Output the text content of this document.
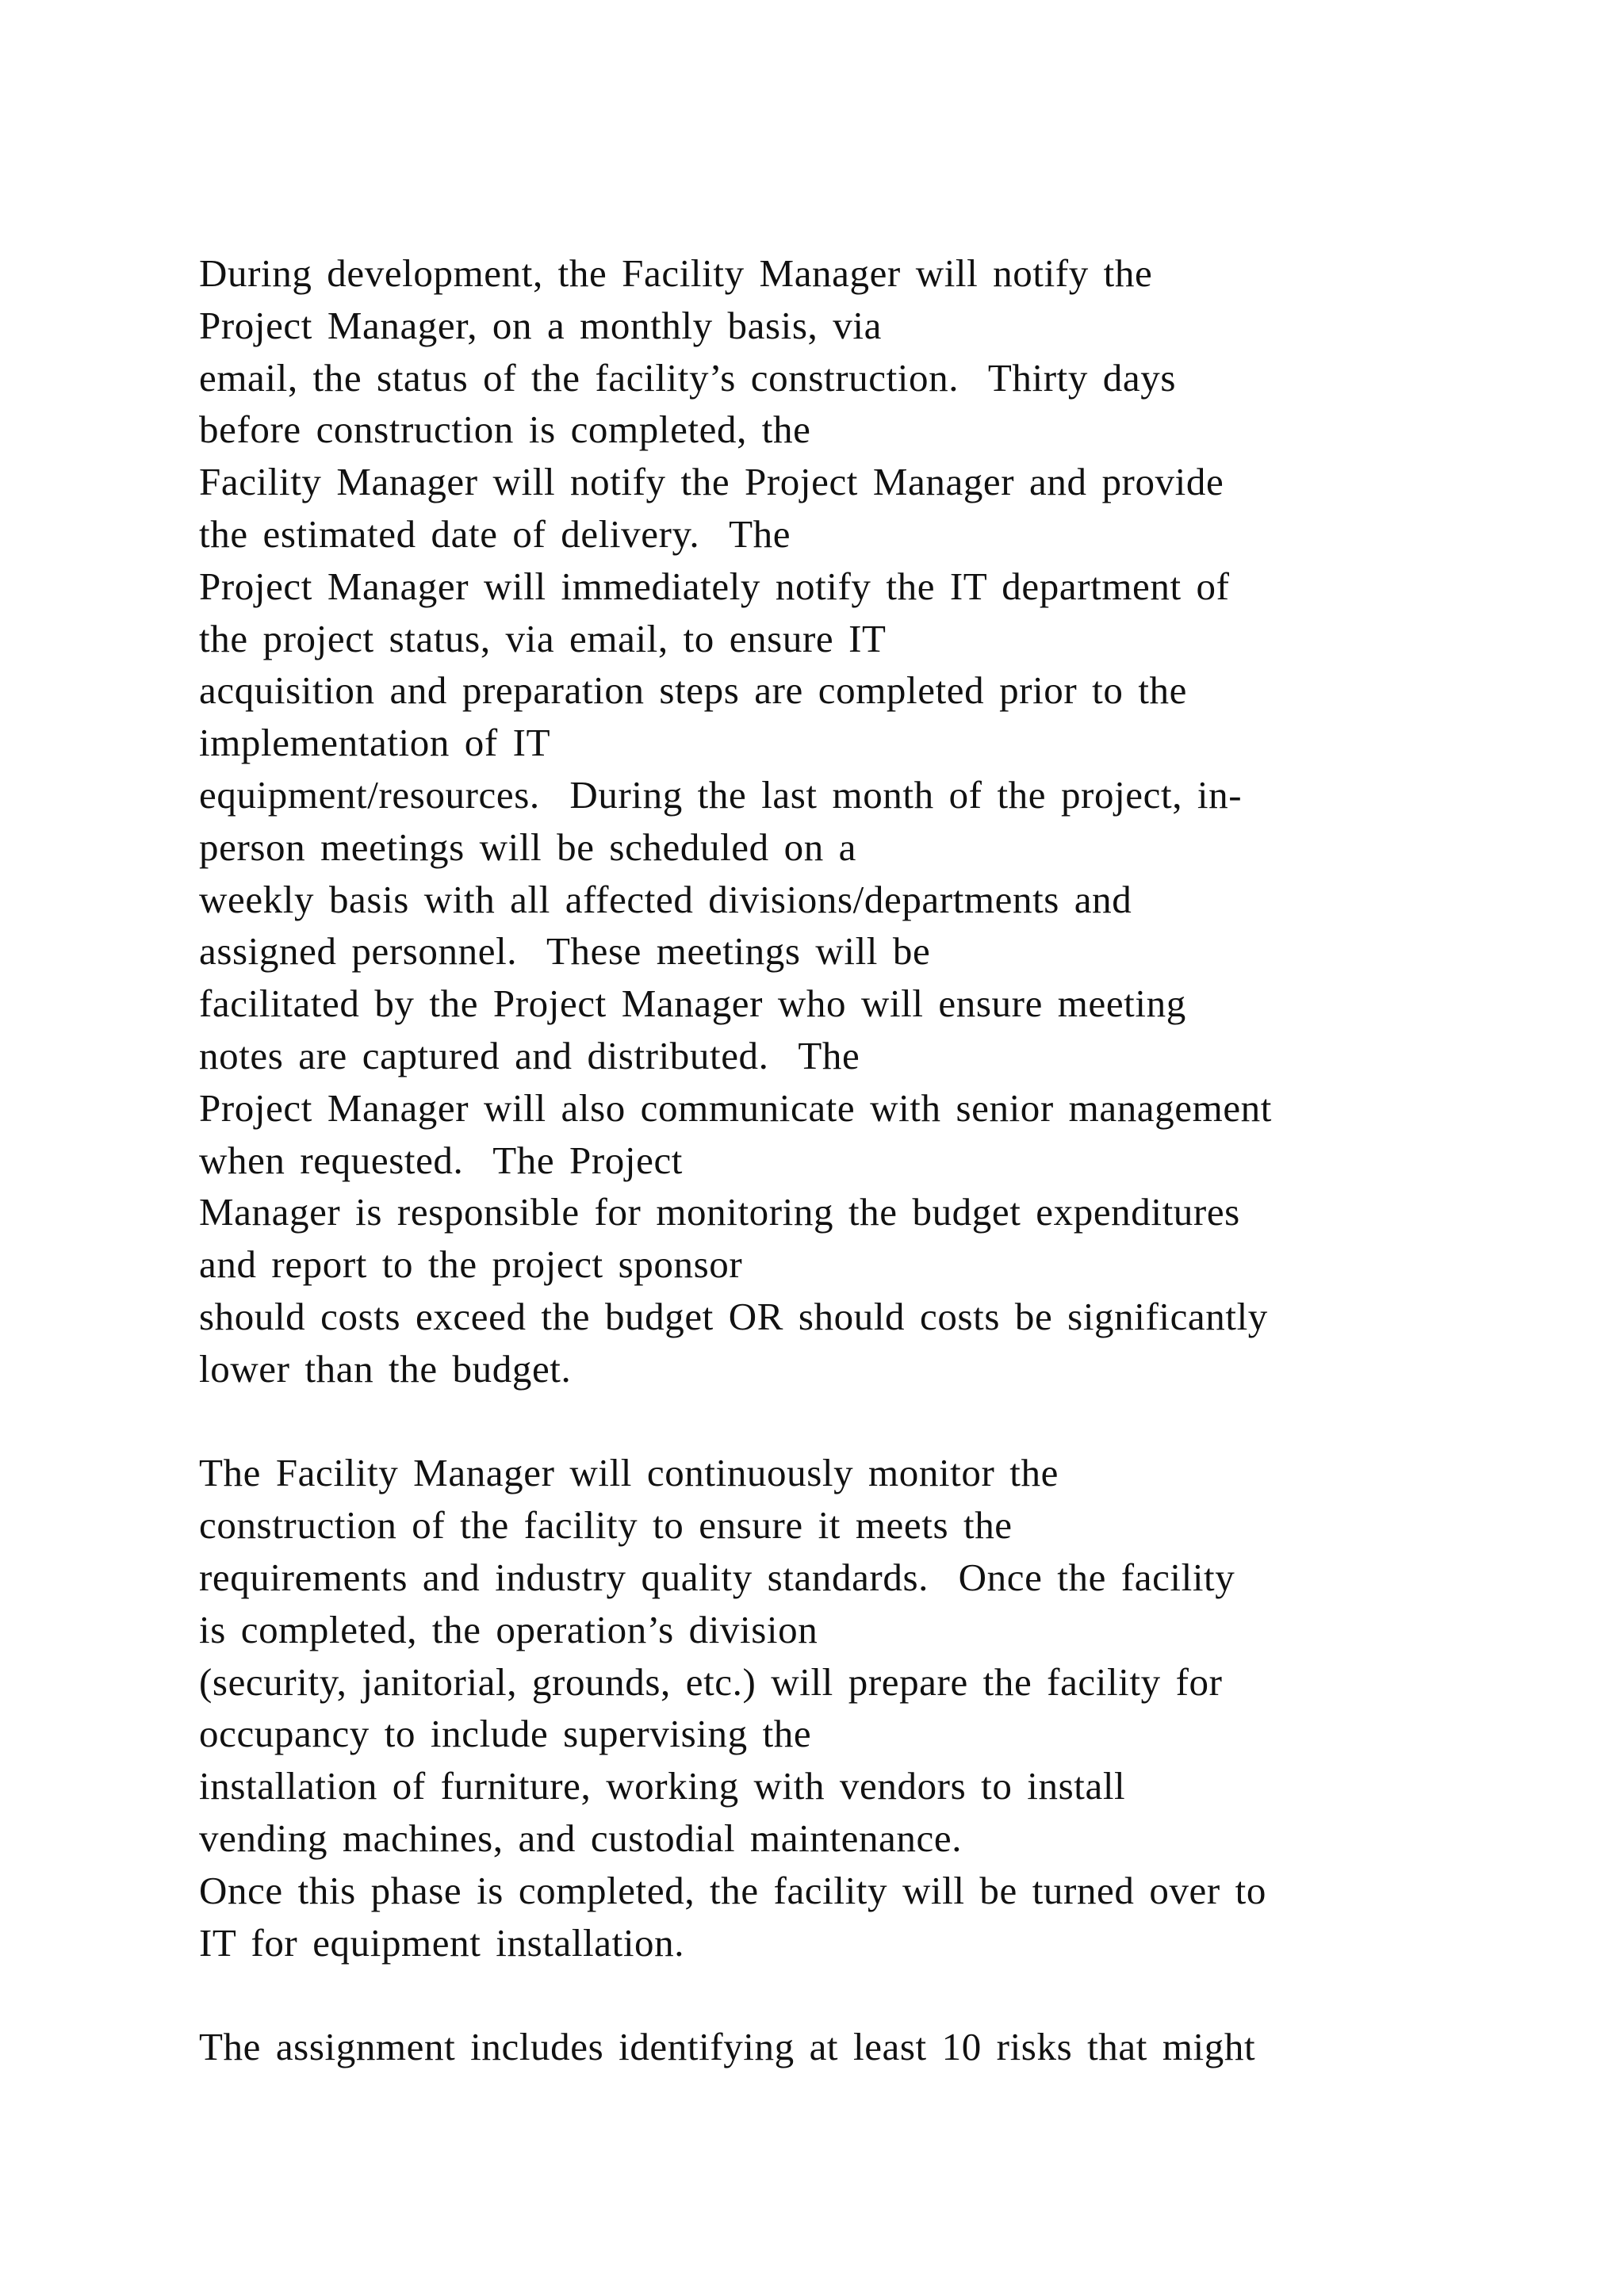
During development, the Facility Manager will notify the
Project Manager, on a monthly basis, via
email, the status of the facility’s construction.  Thirty days
before construction is completed, the
Facility Manager will notify the Project Manager and provide
the estimated date of delivery.  The
Project Manager will immediately notify the IT department of
the project status, via email, to ensure IT
acquisition and preparation steps are completed prior to the
implementation of IT
equipment/resources.  During the last month of the project, in-
person meetings will be scheduled on a
weekly basis with all affected divisions/departments and
assigned personnel.  These meetings will be
facilitated by the Project Manager who will ensure meeting
notes are captured and distributed.  The
Project Manager will also communicate with senior management
when requested.  The Project
Manager is responsible for monitoring the budget expenditures
and report to the project sponsor
should costs exceed the budget OR should costs be significantly
lower than the budget.
The Facility Manager will continuously monitor the
construction of the facility to ensure it meets the
requirements and industry quality standards.  Once the facility
is completed, the operation’s division
(security, janitorial, grounds, etc.) will prepare the facility for
occupancy to include supervising the
installation of furniture, working with vendors to install
vending machines, and custodial maintenance.
Once this phase is completed, the facility will be turned over to
IT for equipment installation.
The assignment includes identifying at least 10 risks that might
